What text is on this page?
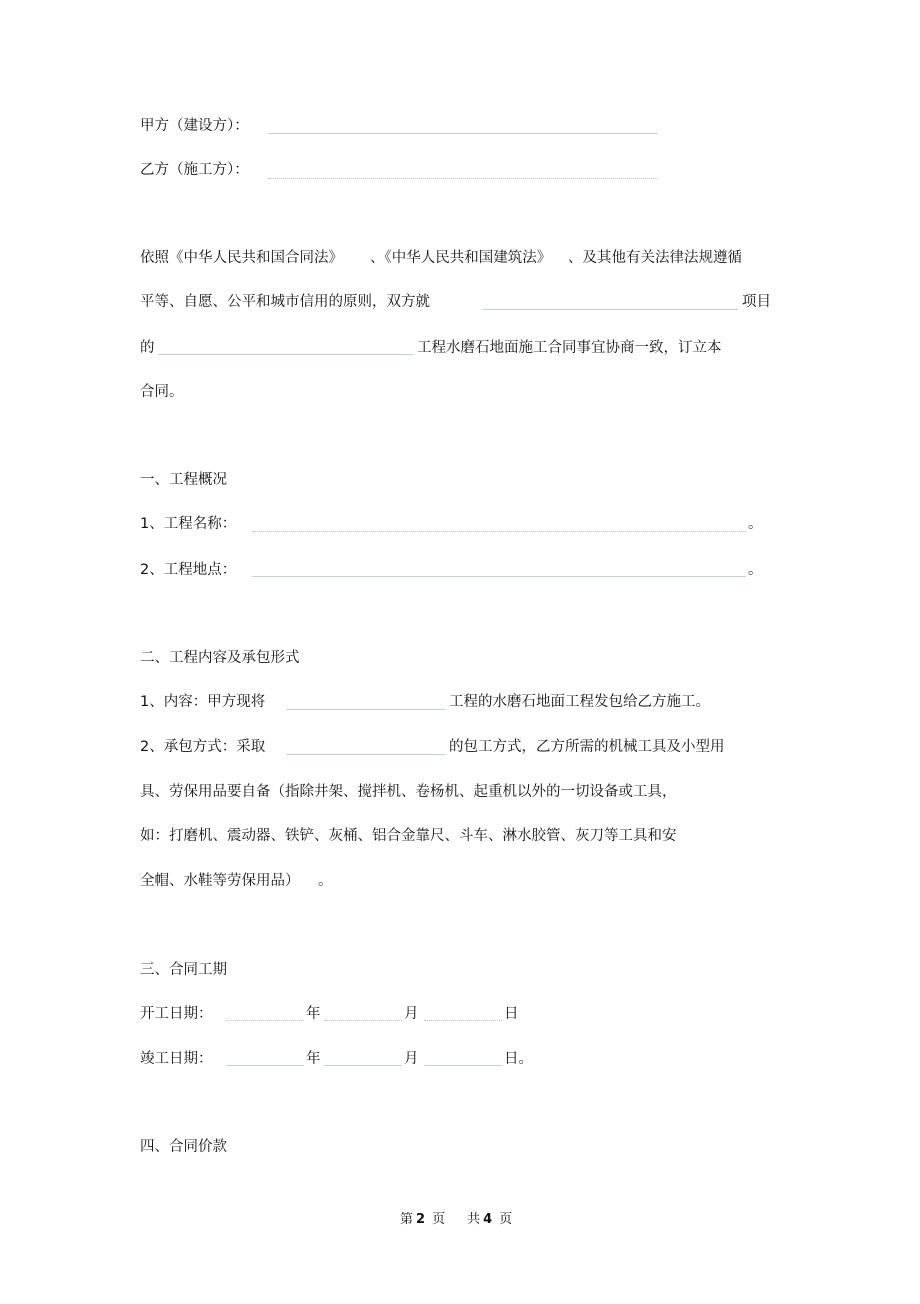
甲方（建设方）：
乙方（施工方）：
依照《中华人民共和国合同法》 、《中华人民共和国建筑法》 、及其他有关法律法规遵循
平等、自愿、公平和城市信用的原则，双方就	项目
的	工程水磨石地面施工合同事宜协商一致，订立本
合同。
一、工程概况
1、工程名称：	。
2、工程地点：	。
二、工程内容及承包形式
1、内容：甲方现将	工程的水磨石地面工程发包给乙方施工。
2、承包方式：采取	的包工方式，乙方所需的机械工具及小型用
具、劳保用品要自备（指除井架、搅拌机、卷杨机、起重机以外的一切设备或工具，
如：打磨机、震动器、铁铲、灰桶、铝合金靠尺、斗车、淋水胶管、灰刀等工具和安
全帽、水鞋等劳保用品） 。
三、合同工期
开工日期：	年	月	日
竣工日期：	年	月	日。
四、合同价款
第 2 页 共 4 页
